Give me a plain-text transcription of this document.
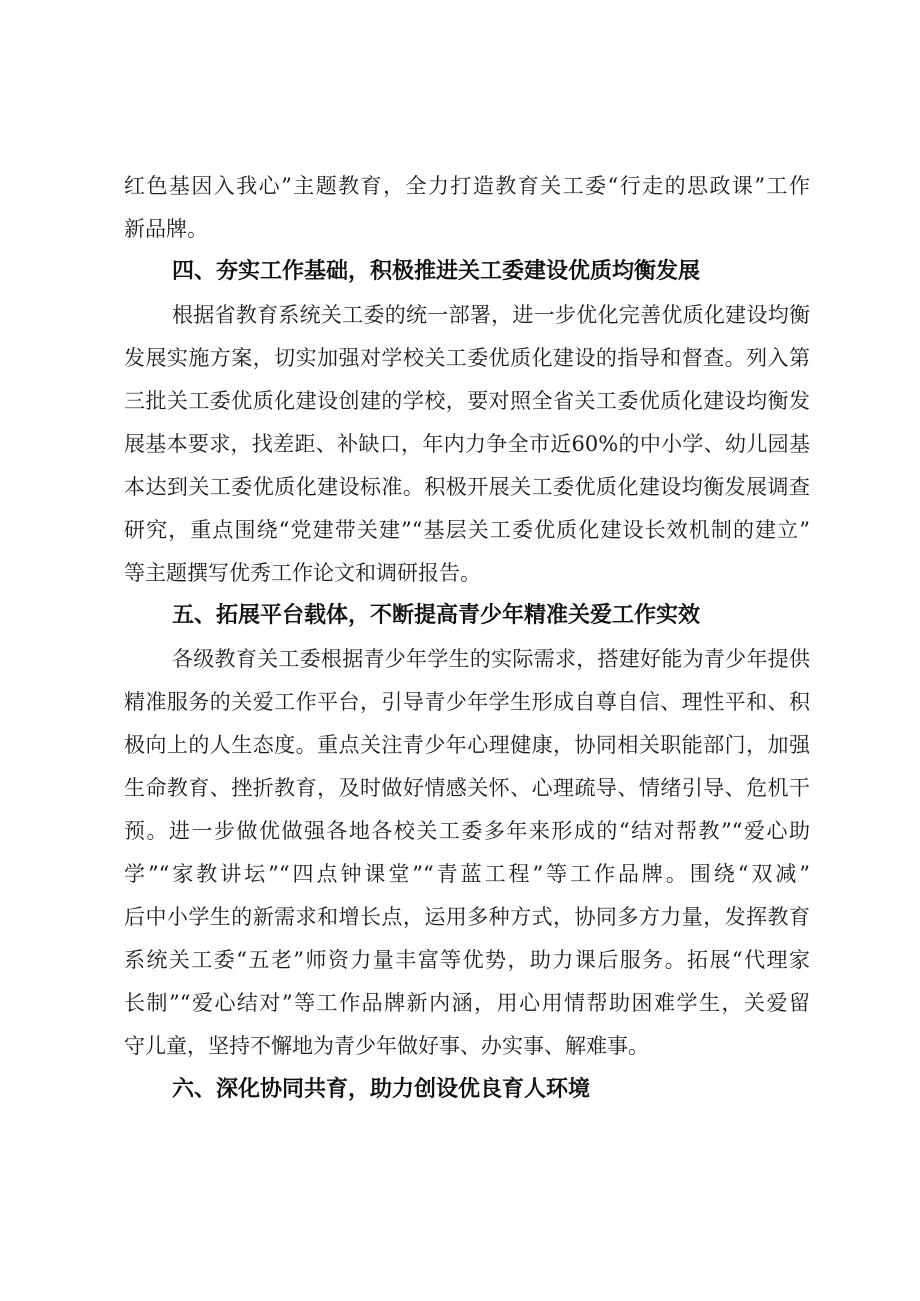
红色基因入我心”主题教育，全力打造教育关工委“行走的思政课”工作
新品牌。
四、夯实工作基础，积极推进关工委建设优质均衡发展
根据省教育系统关工委的统一部署，进一步优化完善优质化建设均衡
发展实施方案，切实加强对学校关工委优质化建设的指导和督查。列入第
三批关工委优质化建设创建的学校，要对照全省关工委优质化建设均衡发
展基本要求，找差距、补缺口，年内力争全市近60%的中小学、幼儿园基
本达到关工委优质化建设标准。积极开展关工委优质化建设均衡发展调查
研究，重点围绕“党建带关建”“基层关工委优质化建设长效机制的建立”
等主题撰写优秀工作论文和调研报告。
五、拓展平台载体，不断提高青少年精准关爱工作实效
各级教育关工委根据青少年学生的实际需求，搭建好能为青少年提供
精准服务的关爱工作平台，引导青少年学生形成自尊自信、理性平和、积
极向上的人生态度。重点关注青少年心理健康，协同相关职能部门，加强
生命教育、挫折教育，及时做好情感关怀、心理疏导、情绪引导、危机干
预。进一步做优做强各地各校关工委多年来形成的“结对帮教”“爱心助
学”“家教讲坛”“四点钟课堂”“青蓝工程”等工作品牌。围绕“双减”
后中小学生的新需求和增长点，运用多种方式，协同多方力量，发挥教育
系统关工委“五老”师资力量丰富等优势，助力课后服务。拓展“代理家
长制”“爱心结对”等工作品牌新内涵，用心用情帮助困难学生，关爱留
守儿童，坚持不懈地为青少年做好事、办实事、解难事。
六、深化协同共育，助力创设优良育人环境
